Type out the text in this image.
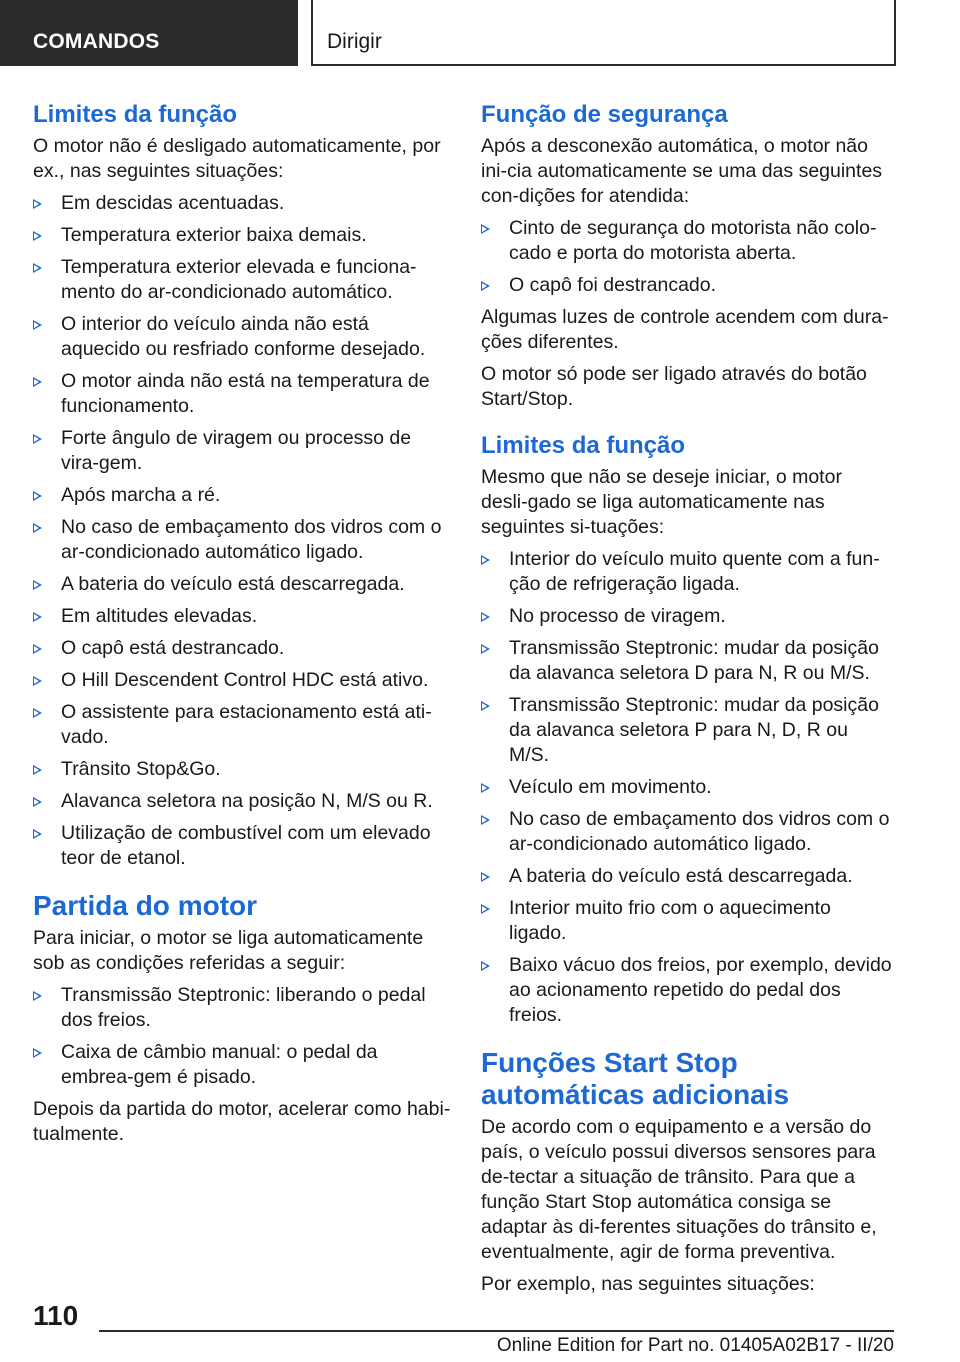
COMANDOS	Dirigir
Limites da função

O motor não é desligado automaticamente, por ex., nas seguintes situações:

Em descidas acentuadas.
Temperatura exterior baixa demais.
Temperatura exterior elevada e funciona-mento do ar-condicionado automático.
O interior do veículo ainda não está aquecido ou resfriado conforme desejado.
O motor ainda não está na temperatura de funcionamento.
Forte ângulo de viragem ou processo de vira-gem.
Após marcha a ré.
No caso de embaçamento dos vidros com o ar-condicionado automático ligado.
A bateria do veículo está descarregada.
Em altitudes elevadas.
O capô está destrancado.
O Hill Descendent Control HDC está ativo.
O assistente para estacionamento está ati-vado.
Trânsito Stop&Go.
Alavanca seletora na posição N, M/S ou R.
Utilização de combustível com um elevado teor de etanol.
Partida do motor

Para iniciar, o motor se liga automaticamente sob as condições referidas a seguir:

Transmissão Steptronic: liberando o pedal dos freios.
Caixa de câmbio manual: o pedal da embrea-gem é pisado.

Depois da partida do motor, acelerar como habi-tualmente.

Função de segurança

Após a desconexão automática, o motor não ini-cia automaticamente se uma das seguintes con-dições for atendida:

Cinto de segurança do motorista não colo-cado e porta do motorista aberta.
O capô foi destrancado.

Algumas luzes de controle acendem com dura-ções diferentes.

O motor só pode ser ligado através do botão Start/Stop.

Limites da função

Mesmo que não se deseje iniciar, o motor desli-gado se liga automaticamente nas seguintes si-tuações:

Interior do veículo muito quente com a fun-ção de refrigeração ligada.
No processo de viragem.
Transmissão Steptronic: mudar da posição da alavanca seletora D para N, R ou M/S.
Transmissão Steptronic: mudar da posição da alavanca seletora P para N, D, R ou M/S.
Veículo em movimento.
No caso de embaçamento dos vidros com o ar-condicionado automático ligado.
A bateria do veículo está descarregada.
Interior muito frio com o aquecimento ligado.
Baixo vácuo dos freios, por exemplo, devido ao acionamento repetido do pedal dos freios.
Funções Start Stop automáticas adicionais

De acordo com o equipamento e a versão do país, o veículo possui diversos sensores para de-tectar a situação de trânsito. Para que a função Start Stop automática consiga se adaptar às di-ferentes situações do trânsito e, eventualmente, agir de forma preventiva.

Por exemplo, nas seguintes situações:

110
Online Edition for Part no. 01405A02B17 - II/20
